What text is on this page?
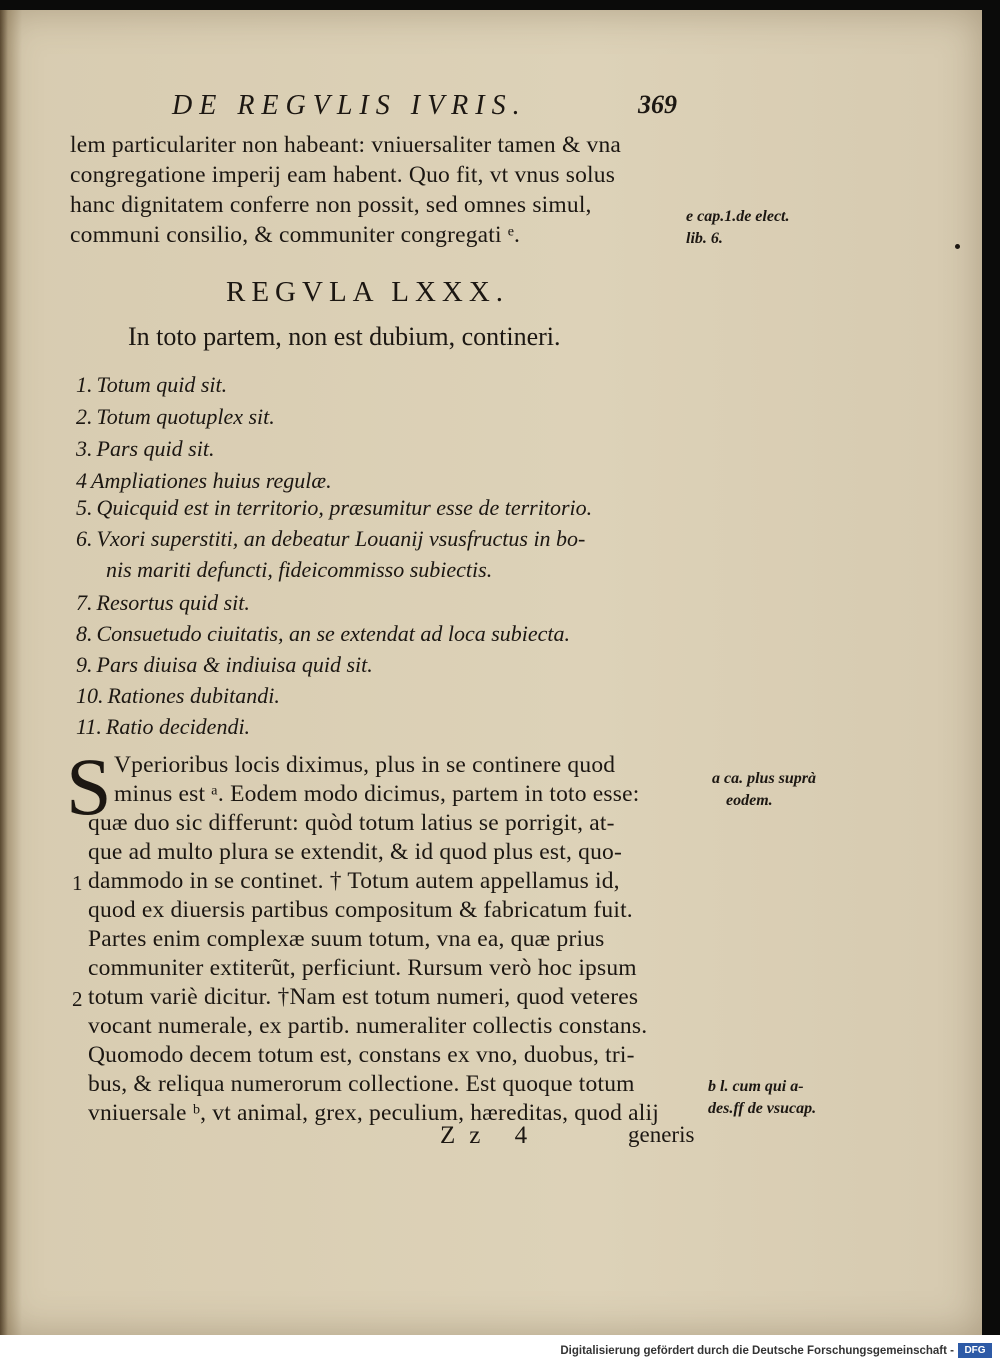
DE REGVLIS IVRIS.	369
lem particulariter non habeant: vniuersaliter tamen & vna
congregatione imperij eam habent. Quo fit, vt vnus solus
hanc dignitatem conferre non possit, sed omnes simul,
communi consilio, & communiter congregati ᵉ.
e cap.1.de elect.
lib. 6.
REGVLA LXXX.
In toto partem, non est dubium, contineri.
1. Totum quid sit.
2. Totum quotuplex sit.
3. Pars quid sit.
4 Ampliationes huius regulæ.
5. Quicquid est in territorio, præsumitur esse de territorio.
6. Vxori superstiti, an debeatur Louanij vsusfructus in bo-
nis mariti defuncti, fideicommisso subiectis.
7. Resortus quid sit.
8. Consuetudo ciuitatis, an se extendat ad loca subiecta.
9. Pars diuisa & indiuisa quid sit.
10. Rationes dubitandi.
11. Ratio decidendi.
S Vperioribus locis diximus, plus in se continere quod
minus est ᵃ. Eodem modo dicimus, partem in toto esse:
quæ duo sic differunt: quòd totum latius se porrigit, at-
que ad multo plura se extendit, & id quod plus est, quo-
dammodo in se continet. † Totum autem appellamus id,
quod ex diuersis partibus compositum & fabricatum fuit.
Partes enim complexæ suum totum, vna ea, quæ prius
communiter extiterũt, perficiunt. Rursum verò hoc ipsum
totum variè dicitur. †Nam est totum numeri, quod veteres
vocant numerale, ex partib. numeraliter collectis constans.
Quomodo decem totum est, constans ex vno, duobus, tri-
bus, & reliqua numerorum collectione. Est quoque totum
vniuersale ᵇ, vt animal, grex, peculium, hæreditas, quod alij
1
2
a ca. plus suprà
eodem.
b l. cum qui a-
des.ff de vsucap.
Zz 4	generis
Digitalisierung gefördert durch die Deutsche Forschungsgemeinschaft -	DFG
